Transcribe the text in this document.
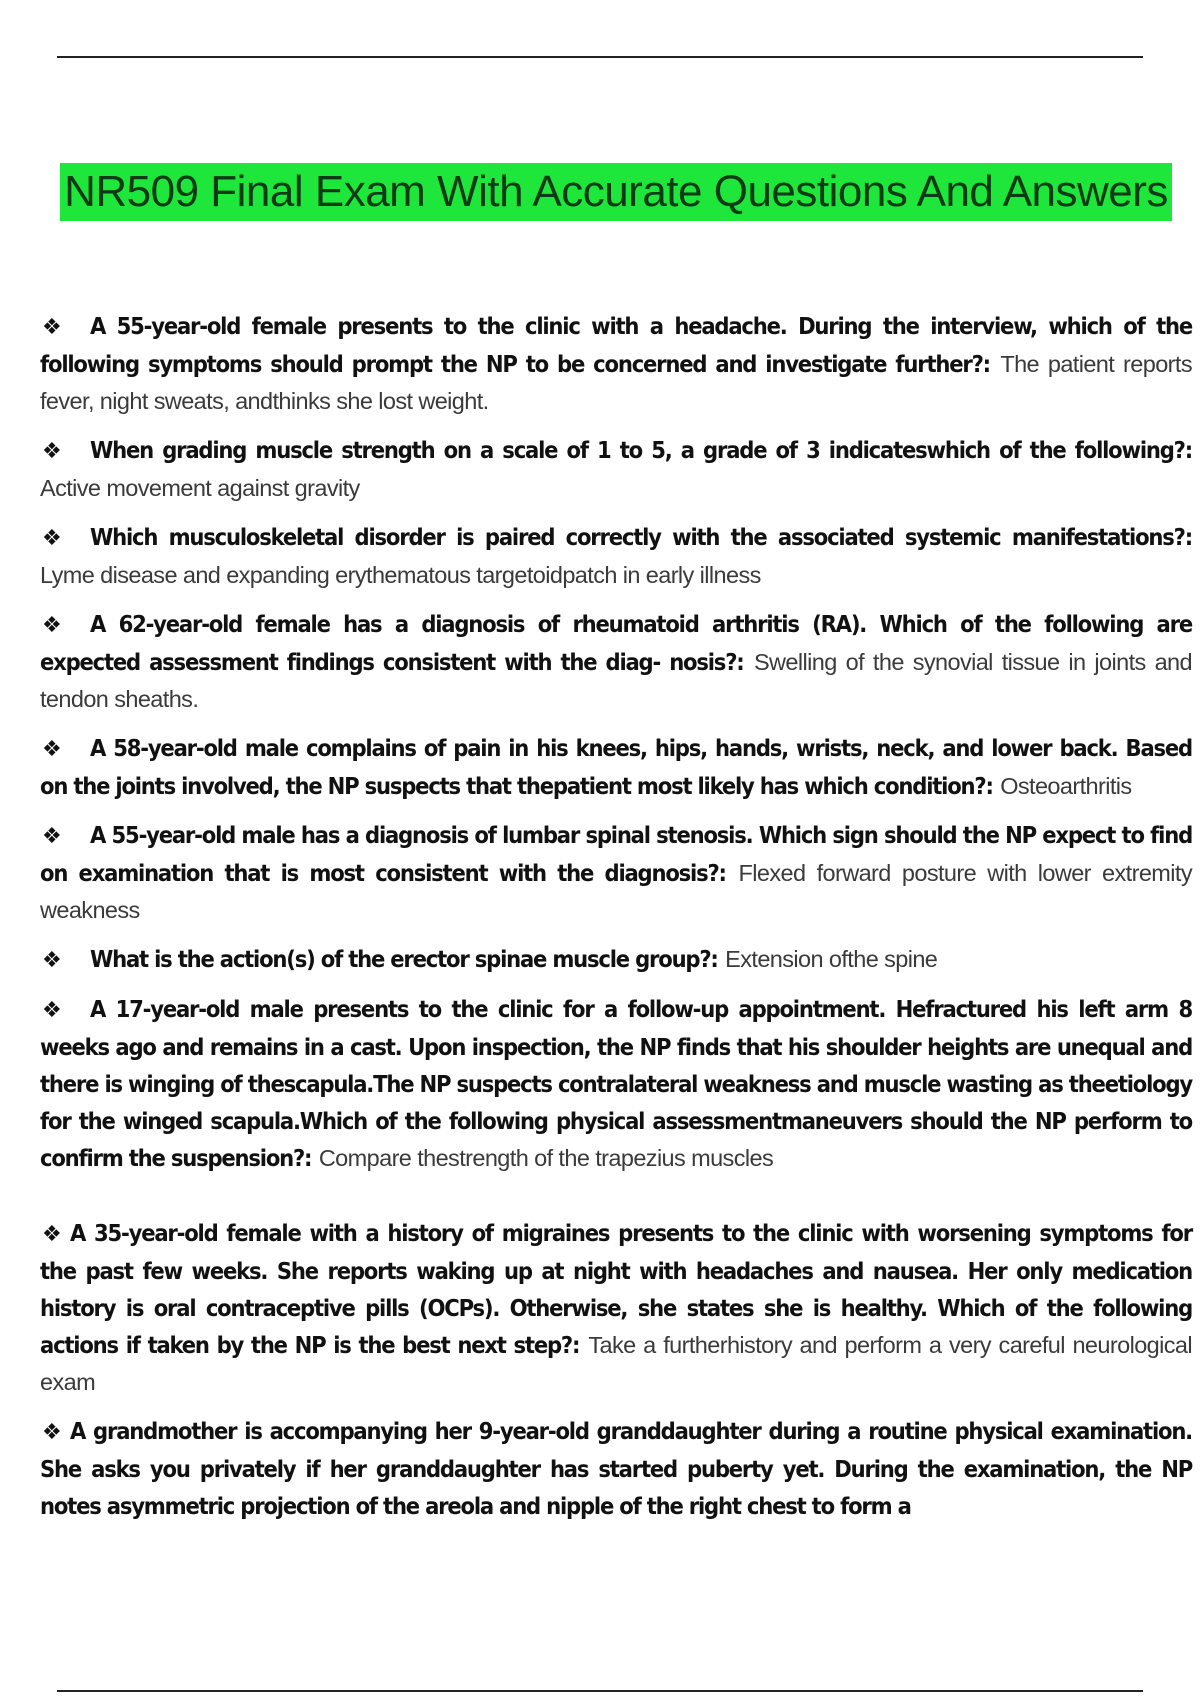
NR509 Final Exam With Accurate Questions And Answers

❖ A 55-year-old female presents to the clinic with a headache. During the interview, which of the following symptoms should prompt the NP to be concerned and investigate further?: The patient reports fever, night sweats, andthinks she lost weight.

❖ When grading muscle strength on a scale of 1 to 5, a grade of 3 indicateswhich of the following?: Active movement against gravity

❖ Which musculoskeletal disorder is paired correctly with the associated systemic manifestations?: Lyme disease and expanding erythematous targetoidpatch in early illness

❖ A 62-year-old female has a diagnosis of rheumatoid arthritis (RA). Which of the following are expected assessment findings consistent with the diag- nosis?: Swelling of the synovial tissue in joints and tendon sheaths.

❖ A 58-year-old male complains of pain in his knees, hips, hands, wrists, neck, and lower back. Based on the joints involved, the NP suspects that thepatient most likely has which condition?: Osteoarthritis

❖ A 55-year-old male has a diagnosis of lumbar spinal stenosis. Which sign should the NP expect to find on examination that is most consistent with the diagnosis?: Flexed forward posture with lower extremity weakness

❖ What is the action(s) of the erector spinae muscle group?: Extension ofthe spine

❖ A 17-year-old male presents to the clinic for a follow-up appointment. Hefractured his left arm 8 weeks ago and remains in a cast. Upon inspection, the NP finds that his shoulder heights are unequal and there is winging of thescapula.The NP suspects contralateral weakness and muscle wasting as theetiology for the winged scapula.Which of the following physical assessmentmaneuvers should the NP perform to confirm the suspension?: Compare thestrength of the trapezius muscles

❖ A 35-year-old female with a history of migraines presents to the clinic with worsening symptoms for the past few weeks. She reports waking up at night with headaches and nausea. Her only medication history is oral contraceptive pills (OCPs). Otherwise, she states she is healthy. Which of the following actions if taken by the NP is the best next step?: Take a furtherhistory and perform a very careful neurological exam

❖ A grandmother is accompanying her 9-year-old granddaughter during a routine physical examination. She asks you privately if her granddaughter has started puberty yet. During the examination, the NP notes asymmetric projection of the areola and nipple of the right chest to form a
